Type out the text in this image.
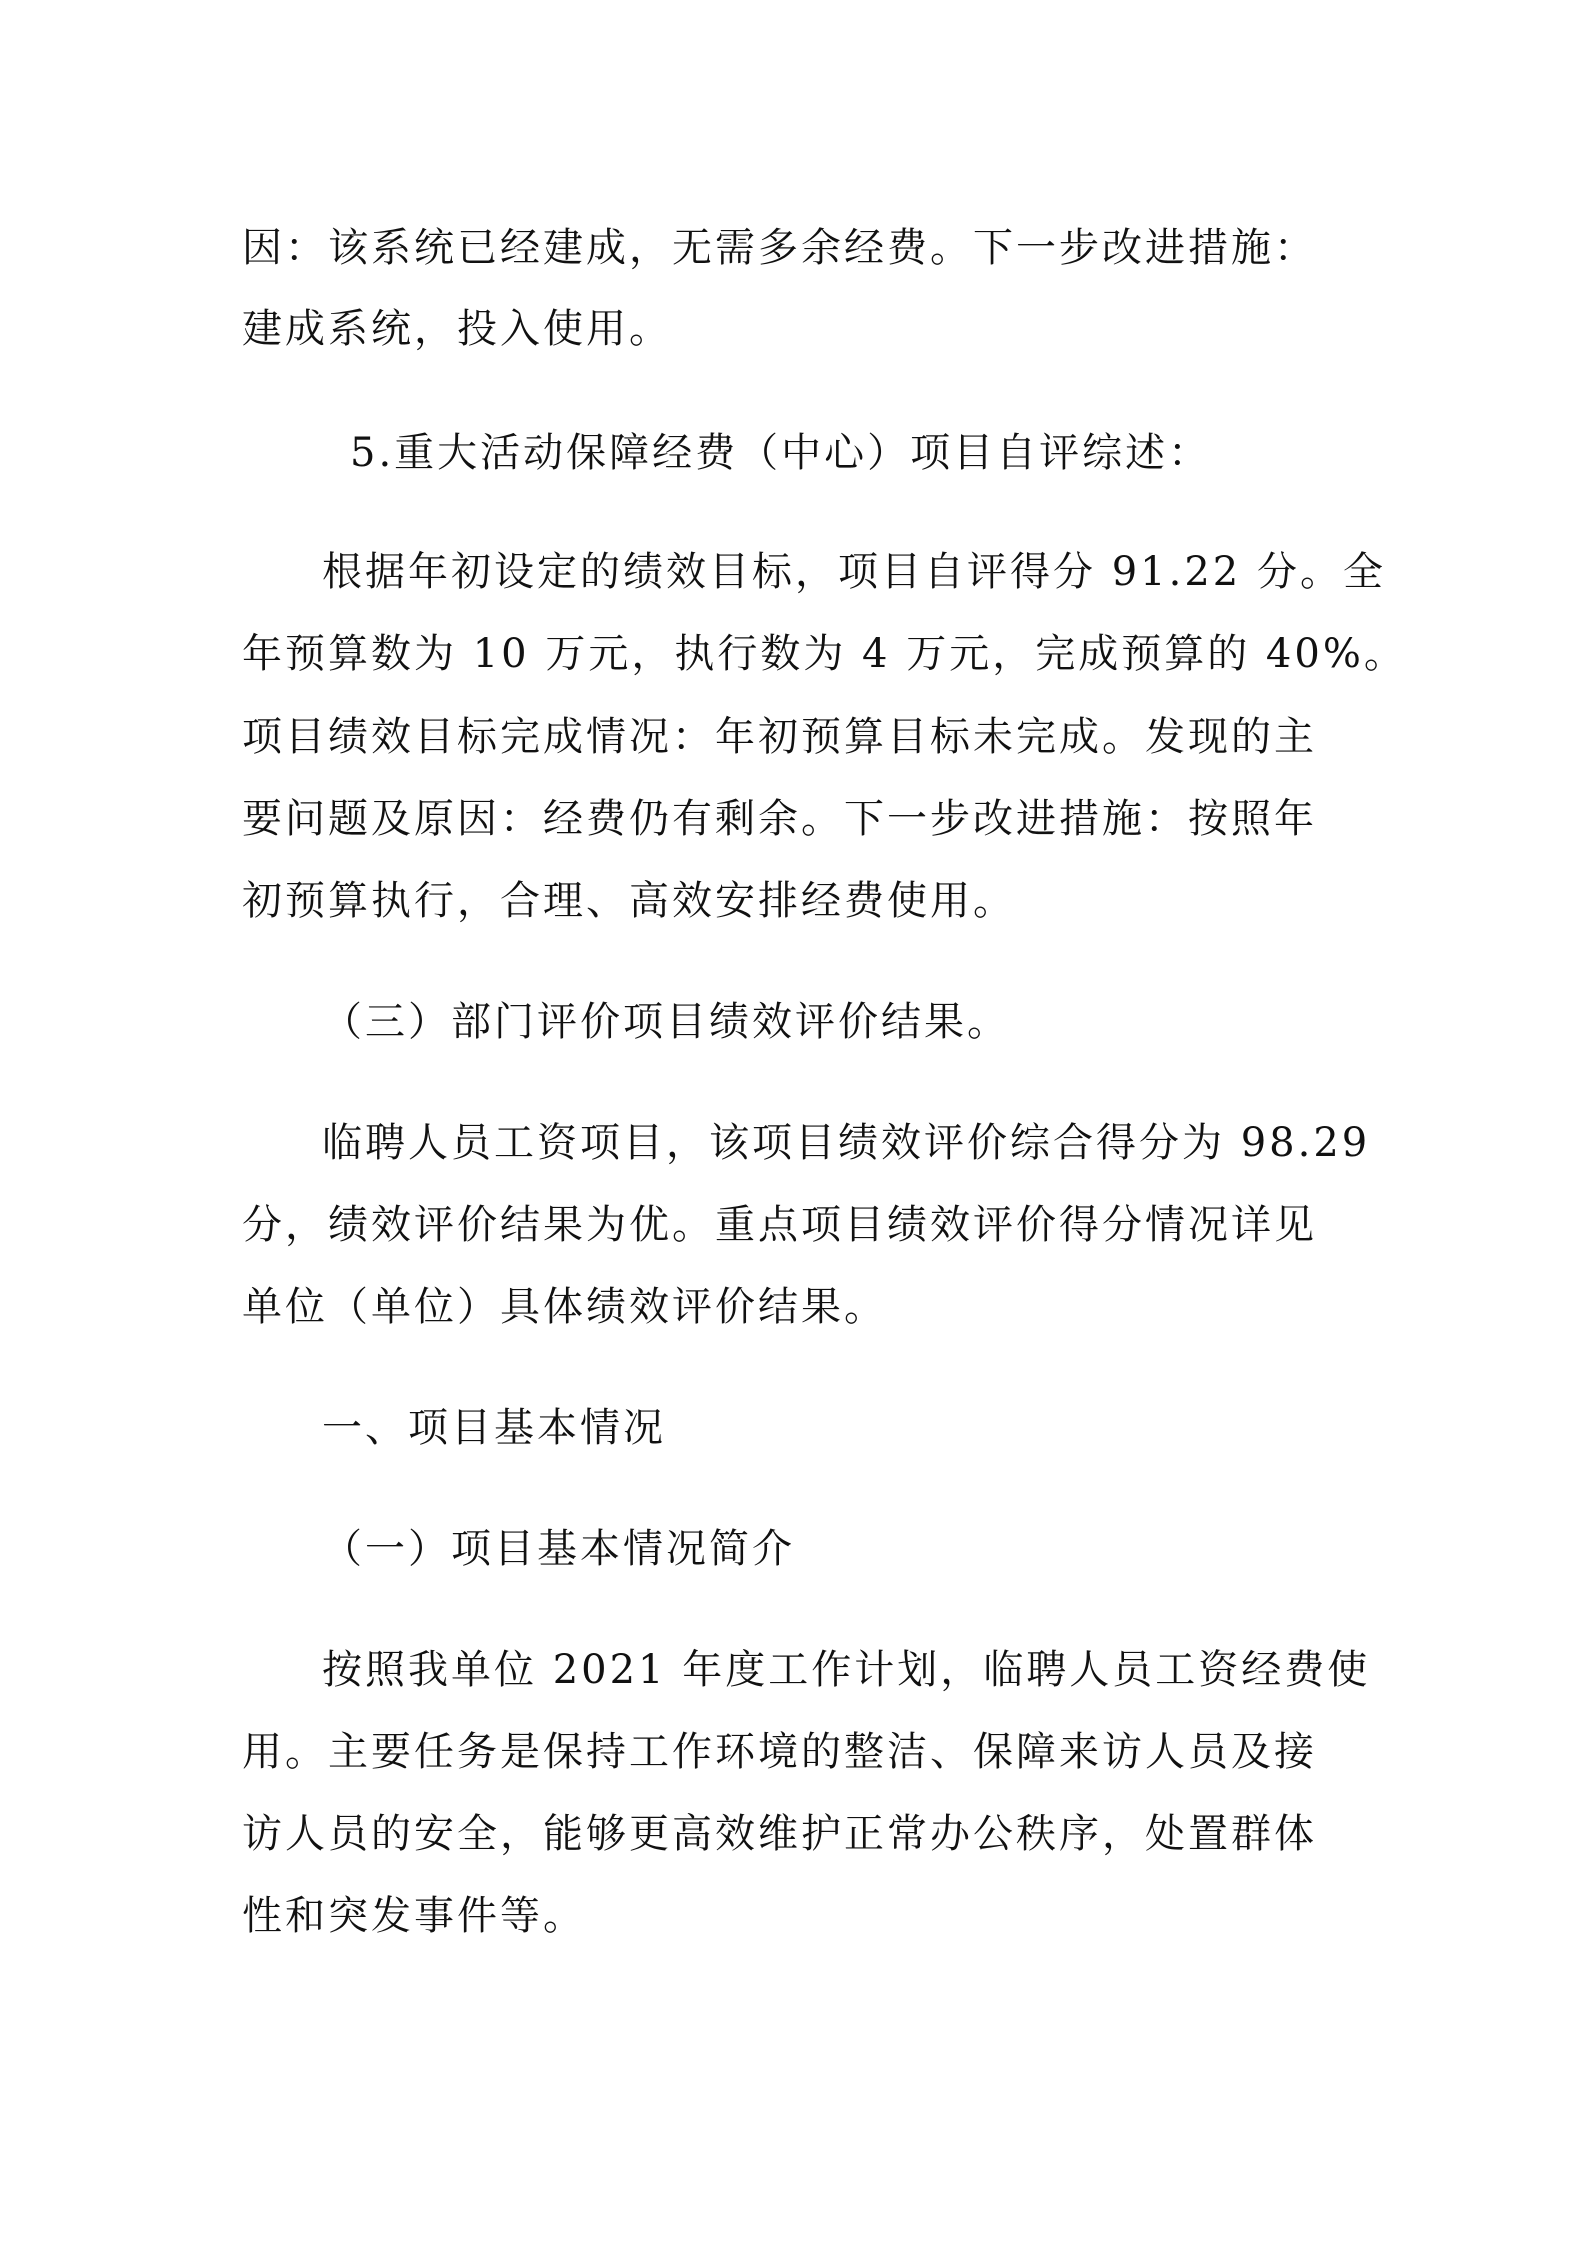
因：该系统已经建成，无需多余经费。下一步改进措施：
建成系统，投入使用。
5.重大活动保障经费（中心）项目自评综述：
根据年初设定的绩效目标，项目自评得分 91.22 分。全
年预算数为 10 万元，执行数为 4 万元，完成预算的 40%。
项目绩效目标完成情况：年初预算目标未完成。发现的主
要问题及原因：经费仍有剩余。下一步改进措施：按照年
初预算执行，合理、高效安排经费使用。
（三）部门评价项目绩效评价结果。
临聘人员工资项目，该项目绩效评价综合得分为 98.29
分，绩效评价结果为优。重点项目绩效评价得分情况详见
单位（单位）具体绩效评价结果。
一、项目基本情况
（一）项目基本情况简介
按照我单位 2021 年度工作计划，临聘人员工资经费使
用。主要任务是保持工作环境的整洁、保障来访人员及接
访人员的安全，能够更高效维护正常办公秩序，处置群体
性和突发事件等。
